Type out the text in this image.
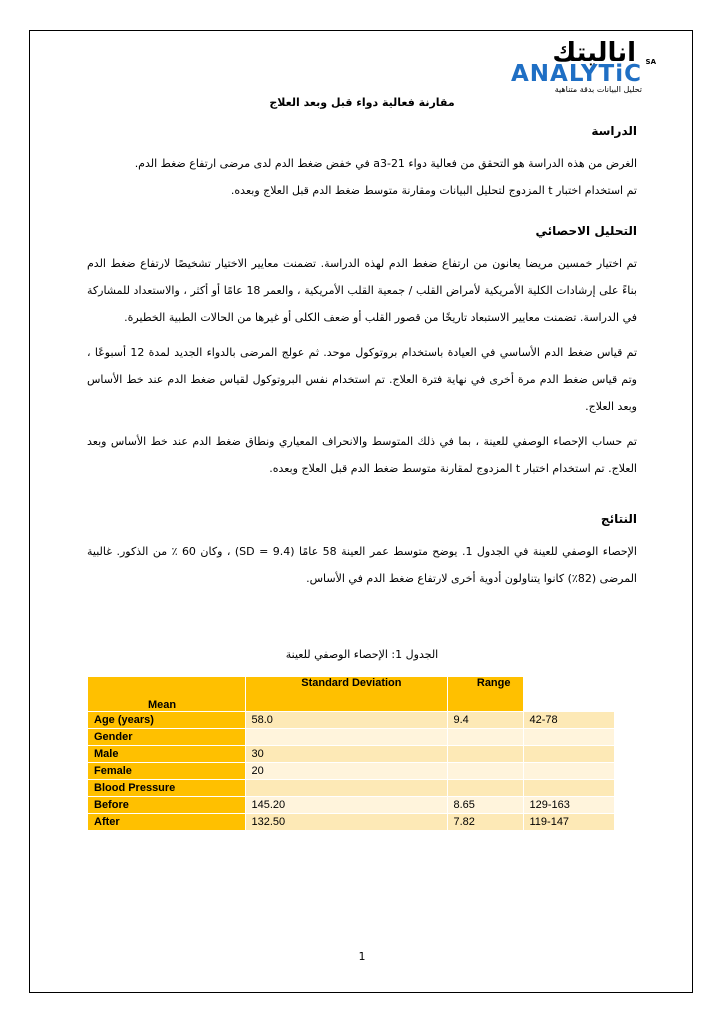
اناليتك
ANALYTiC SA
تحليل البيانات بدقة متناهية
مقارنة فعالية دواء قبل وبعد العلاج
الدراسة
الغرض من هذه الدراسة هو التحقق من فعالية دواء 21-a3 في خفض ضغط الدم لدى مرضى ارتفاع ضغط الدم.
تم استخدام اختبار t المزدوج لتحليل البيانات ومقارنة متوسط ضغط الدم قبل العلاج وبعده.
التحليل الاحصائي
تم اختيار خمسين مريضا يعانون من ارتفاع ضغط الدم لهذه الدراسة. تضمنت معايير الاختيار تشخيصًا لارتفاع ضغط الدم بناءً على إرشادات الكلية الأمريكية لأمراض القلب / جمعية القلب الأمريكية ، والعمر 18 عامًا أو أكثر ، والاستعداد للمشاركة في الدراسة. تضمنت معايير الاستبعاد تاريخًا من قصور القلب أو ضعف الكلى أو غيرها من الحالات الطبية الخطيرة.
تم قياس ضغط الدم الأساسي في العيادة باستخدام بروتوكول موحد. ثم عولج المرضى بالدواء الجديد لمدة 12 أسبوعًا ، وتم قياس ضغط الدم مرة أخرى في نهاية فترة العلاج. تم استخدام نفس البروتوكول لقياس ضغط الدم عند خط الأساس وبعد العلاج.
تم حساب الإحصاء الوصفي للعينة ، بما في ذلك المتوسط والانحراف المعياري ونطاق ضغط الدم عند خط الأساس وبعد العلاج. تم استخدام اختبار t المزدوج لمقارنة متوسط ضغط الدم قبل العلاج وبعده.
النتائج
الإحصاء الوصفي للعينة في الجدول 1. يوضح متوسط عمر العينة 58 عامًا (SD = 9.4) ، وكان 60 ٪ من الذكور. غالبية المرضى (82٪) كانوا يتناولون أدوية أخرى لارتفاع ضغط الدم في الأساس.
الجدول 1: الإحصاء الوصفي للعينة
Mean	Standard Deviation	Range	
Age (years)	58.0	9.4	42-78
Gender			
Male	30		
Female	20		
Blood Pressure			
Before	145.20	8.65	129-163
After	132.50	7.82	119-147
1
